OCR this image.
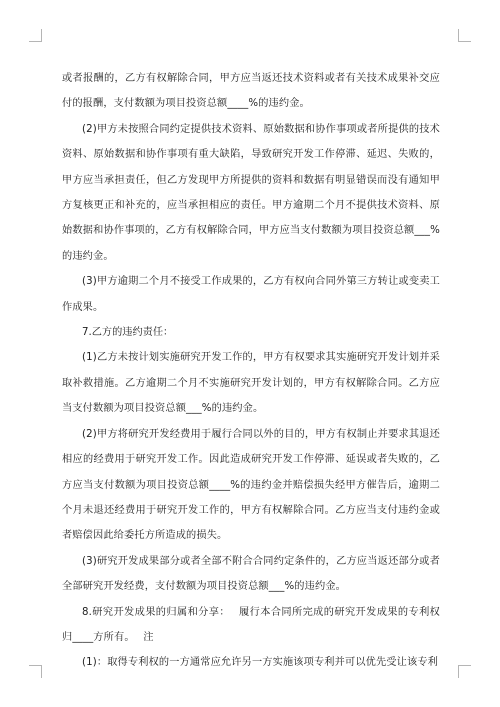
或者报酬的，乙方有权解除合同，甲方应当返还技术资料或者有关技术成果补交应付的报酬，支付数额为项目投资总额____%的违约金。

(2)甲方未按照合同约定提供技术资料、原始数据和协作事项或者所提供的技术资料、原始数据和协作事项有重大缺陷，导致研究开发工作停滞、延迟、失败的，甲方应当承担责任，但乙方发现甲方所提供的资料和数据有明显错误而没有通知甲方复核更正和补充的，应当承担相应的责任。甲方逾期二个月不提供技术资料、原始数据和协作事项的，乙方有权解除合同，甲方应当支付数额为项目投资总额___%的违约金。

(3)甲方逾期二个月不接受工作成果的，乙方有权向合同外第三方转让或变卖工作成果。

7.乙方的违约责任：

(1)乙方未按计划实施研究开发工作的，甲方有权要求其实施研究开发计划并采取补救措施。乙方逾期二个月不实施研究开发计划的，甲方有权解除合同。乙方应当支付数额为项目投资总额___%的违约金。

(2)甲方将研究开发经费用于履行合同以外的目的，甲方有权制止并要求其退还相应的经费用于研究开发工作。因此造成研究开发工作停滞、延误或者失败的，乙方应当支付数额为项目投资总额____%的违约金并赔偿损失经甲方催告后，逾期二个月未退还经费用于研究开发工作的，甲方有权解除合同。乙方应当支付违约金或者赔偿因此给委托方所造成的损失。

(3)研究开发成果部分或者全部不附合合同约定条件的，乙方应当返还部分或者全部研究开发经费，支付数额为项目投资总额___%的违约金。

8.研究开发成果的归属和分享：　 履行本合同所完成的研究开发成果的专利权归____方所有。　 注

(1)：取得专利权的一方通常应允许另一方实施该项专利并可以优先受让该专利
